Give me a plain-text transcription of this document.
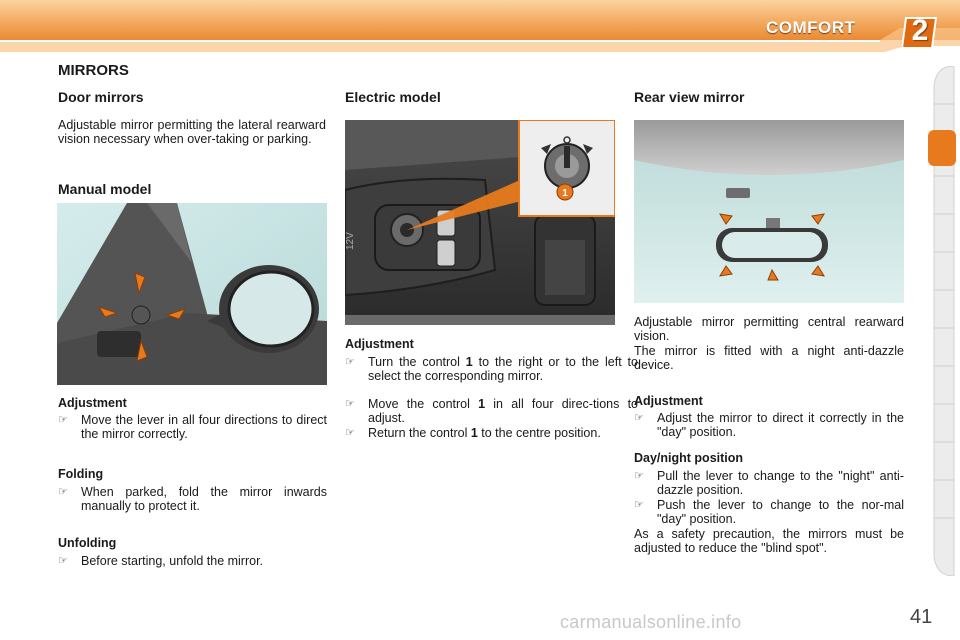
COMFORT	2
MIRRORS
Door mirrors
Adjustable mirror permitting the lateral rearward vision necessary when over-taking or parking.
Manual model
Adjustment
☞ Move the lever in all four directions to direct the mirror correctly.
Folding
☞ When parked, fold the mirror inwards manually to protect it.
Unfolding
☞ Before starting, unfold the mirror.
Electric model
12V
1
Adjustment
☞ Turn the control 1 to the right or to the left to select the corresponding mirror.
☞ Move the control 1 in all four direc-tions to adjust.
☞ Return the control 1 to the centre position.
Rear view mirror
Adjustable mirror permitting central rearward vision.
The mirror is fitted with a night anti-dazzle device.
Adjustment
☞ Adjust the mirror to direct it correctly in the "day" position.
Day/night position
☞ Pull the lever to change to the "night" anti-dazzle position.
☞ Push the lever to change to the nor-mal "day" position.
As a safety precaution, the mirrors must be adjusted to reduce the "blind spot".
carmanualsonline.info	41
